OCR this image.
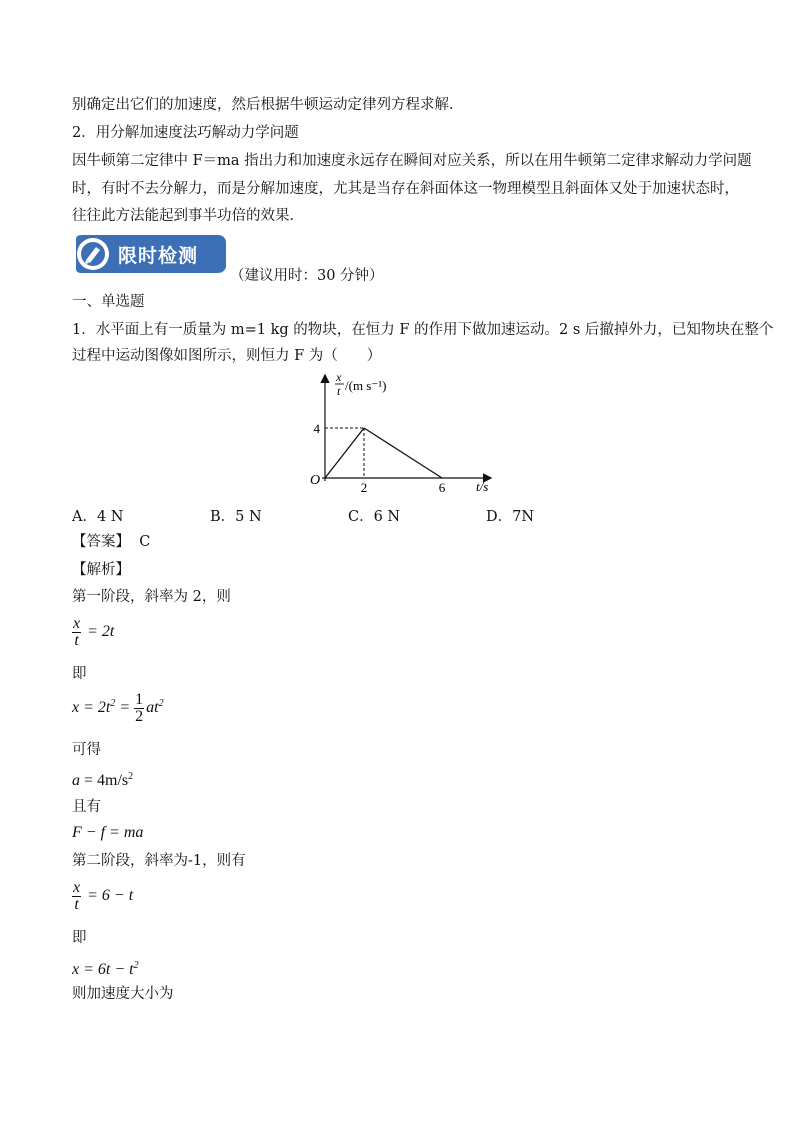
别确定出它们的加速度，然后根据牛顿运动定律列方程求解．
2．用分解加速度法巧解动力学问题
因牛顿第二定律中 F＝ma 指出力和加速度永远存在瞬间对应关系，所以在用牛顿第二定律求解动力学问题
时，有时不去分解力，而是分解加速度，尤其是当存在斜面体这一物理模型且斜面体又处于加速状态时，
往往此方法能起到事半功倍的效果．
限时检测
（建议用时：30 分钟）
一、单选题
1．水平面上有一质量为 m=1 kg 的物块，在恒力 F 的作用下做加速运动。2 s 后撤掉外力，已知物块在整个
过程中运动图像如图所示，则恒力 F 为（　　）
x
t /(m s⁻¹)
4
O	2	6 t/s
A．4 N	B．5 N	C．6 N	D．7N
【答案】 C
【解析】
第一阶段，斜率为 2，则
$\frac{x}{t} = 2t$
即
$x = 2t^2 = \frac{1}{2} at^2$
可得
$a = 4m/s^2$
且有
F − f = ma
第二阶段，斜率为-1，则有
$\frac{x}{t} = 6 - t$
即
$x = 6t - t^2$
则加速度大小为
